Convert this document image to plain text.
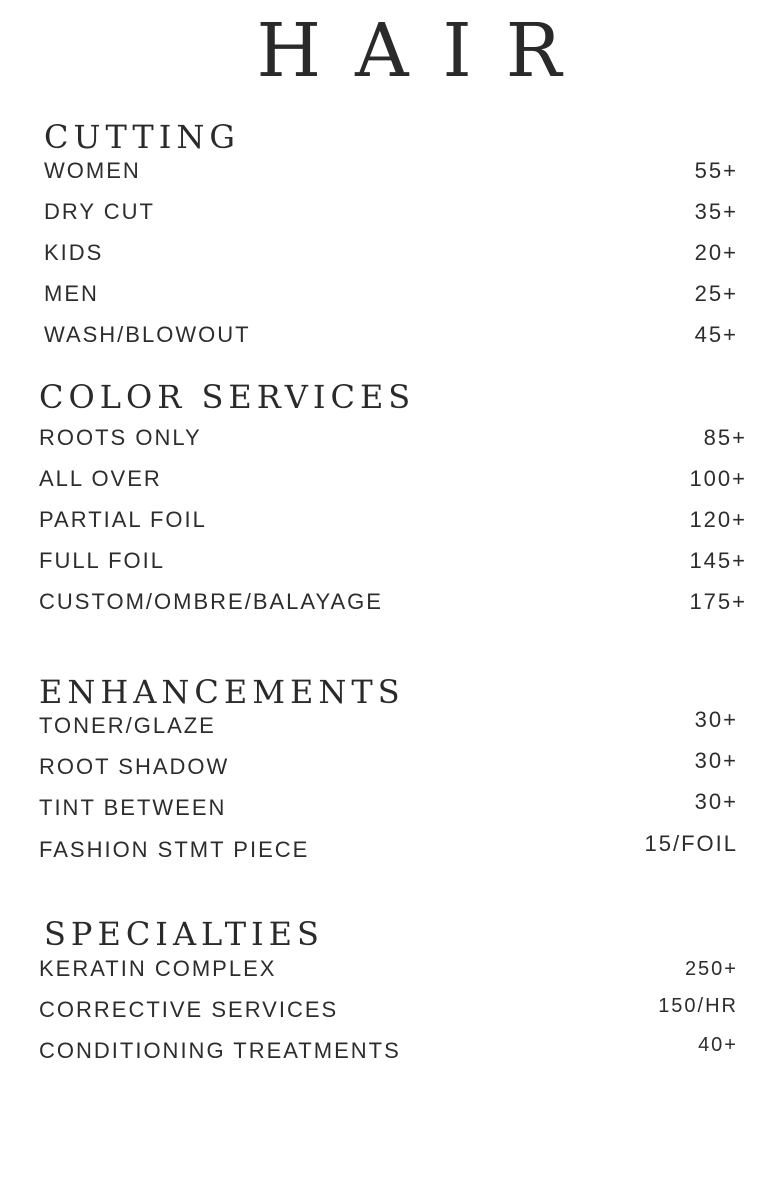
HAIR
CUTTING
WOMEN	55+
DRY CUT	35+
KIDS	20+
MEN	25+
WASH/BLOWOUT	45+
COLOR SERVICES
ROOTS ONLY	85+
ALL OVER	100+
PARTIAL FOIL	120+
FULL FOIL	145+
CUSTOM/OMBRE/BALAYAGE	175+
ENHANCEMENTS
TONER/GLAZE	30+
ROOT SHADOW	30+
TINT BETWEEN	30+
FASHION STMT PIECE	15/FOIL
SPECIALTIES
KERATIN COMPLEX	250+
CORRECTIVE SERVICES	150/HR
CONDITIONING TREATMENTS	40+
